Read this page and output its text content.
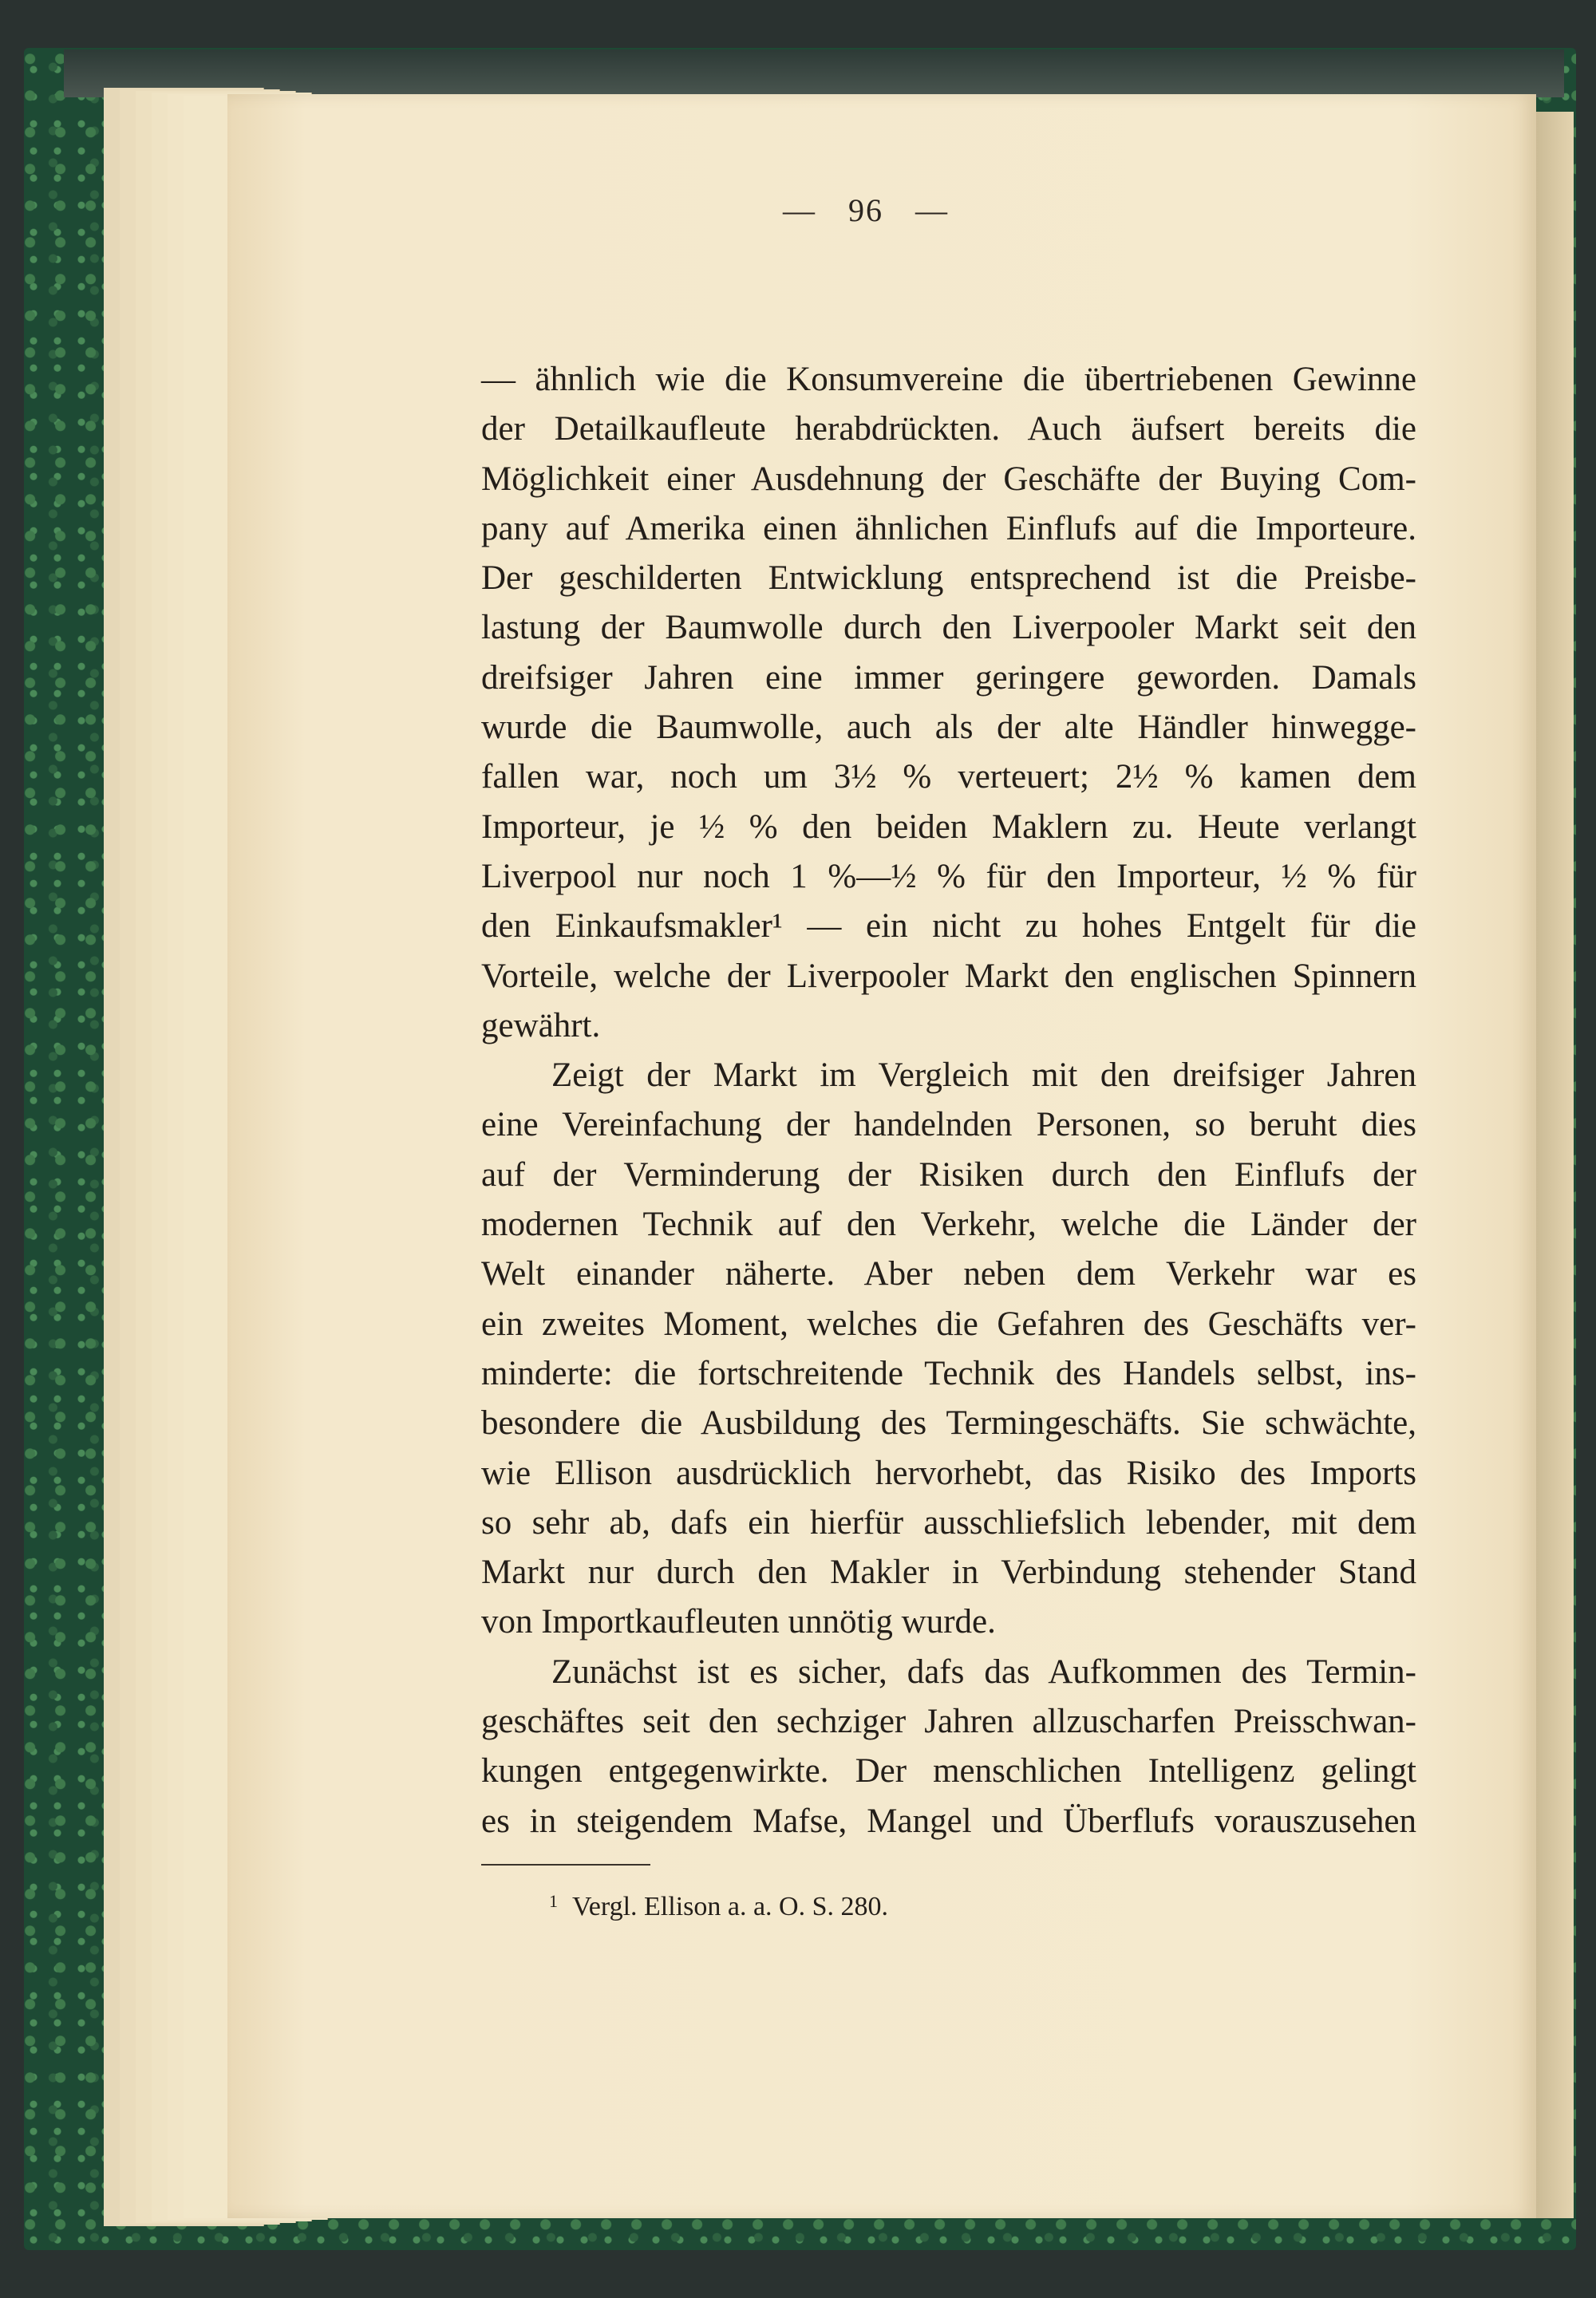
— 96 —
— ähnlich wie die Konsumvereine die übertriebenen Gewinne
der Detailkaufleute herabdrückten. Auch äufsert bereits die
Möglichkeit einer Ausdehnung der Geschäfte der Buying Com-
pany auf Amerika einen ähnlichen Einflufs auf die Importeure.
Der geschilderten Entwicklung entsprechend ist die Preisbe-
lastung der Baumwolle durch den Liverpooler Markt seit den
dreifsiger Jahren eine immer geringere geworden. Damals
wurde die Baumwolle, auch als der alte Händler hinwegge-
fallen war, noch um 3½ % verteuert; 2½ % kamen dem
Importeur, je ½ % den beiden Maklern zu. Heute verlangt
Liverpool nur noch 1 %—½ % für den Importeur, ½ % für
den Einkaufsmakler¹ — ein nicht zu hohes Entgelt für die
Vorteile, welche der Liverpooler Markt den englischen Spinnern
gewährt.
Zeigt der Markt im Vergleich mit den dreifsiger Jahren
eine Vereinfachung der handelnden Personen, so beruht dies
auf der Verminderung der Risiken durch den Einflufs der
modernen Technik auf den Verkehr, welche die Länder der
Welt einander näherte. Aber neben dem Verkehr war es
ein zweites Moment, welches die Gefahren des Geschäfts ver-
minderte: die fortschreitende Technik des Handels selbst, ins-
besondere die Ausbildung des Termingeschäfts. Sie schwächte,
wie Ellison ausdrücklich hervorhebt, das Risiko des Imports
so sehr ab, dafs ein hierfür ausschliefslich lebender, mit dem
Markt nur durch den Makler in Verbindung stehender Stand
von Importkaufleuten unnötig wurde.
Zunächst ist es sicher, dafs das Aufkommen des Termin-
geschäftes seit den sechziger Jahren allzuscharfen Preisschwan-
kungen entgegenwirkte. Der menschlichen Intelligenz gelingt
es in steigendem Mafse, Mangel und Überflufs vorauszusehen
$^1$ Vergl. Ellison a. a. O. S. 280.
